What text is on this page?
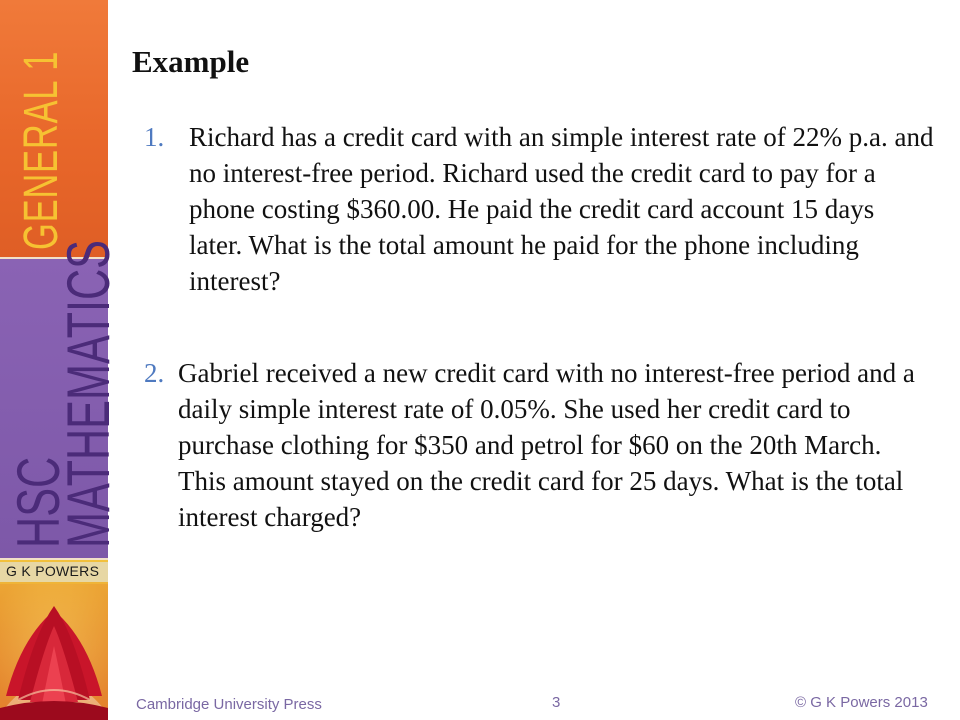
GENERAL 1
HSC
MATHEMATICS
G K POWERS
Example

1. Richard has a credit card with an simple interest rate of 22% p.a. and no interest-free period. Richard used the credit card to pay for a phone costing $360.00. He paid the credit card account 15 days later. What is the total amount he paid for the phone including interest?

2. Gabriel received a new credit card with no interest-free period and a daily simple interest rate of 0.05%. She used her credit card to purchase clothing for $350 and petrol for $60 on the 20th March. This amount stayed on the credit card for 25 days. What is the total interest charged?

Cambridge University Press	3	© G K Powers 2013
